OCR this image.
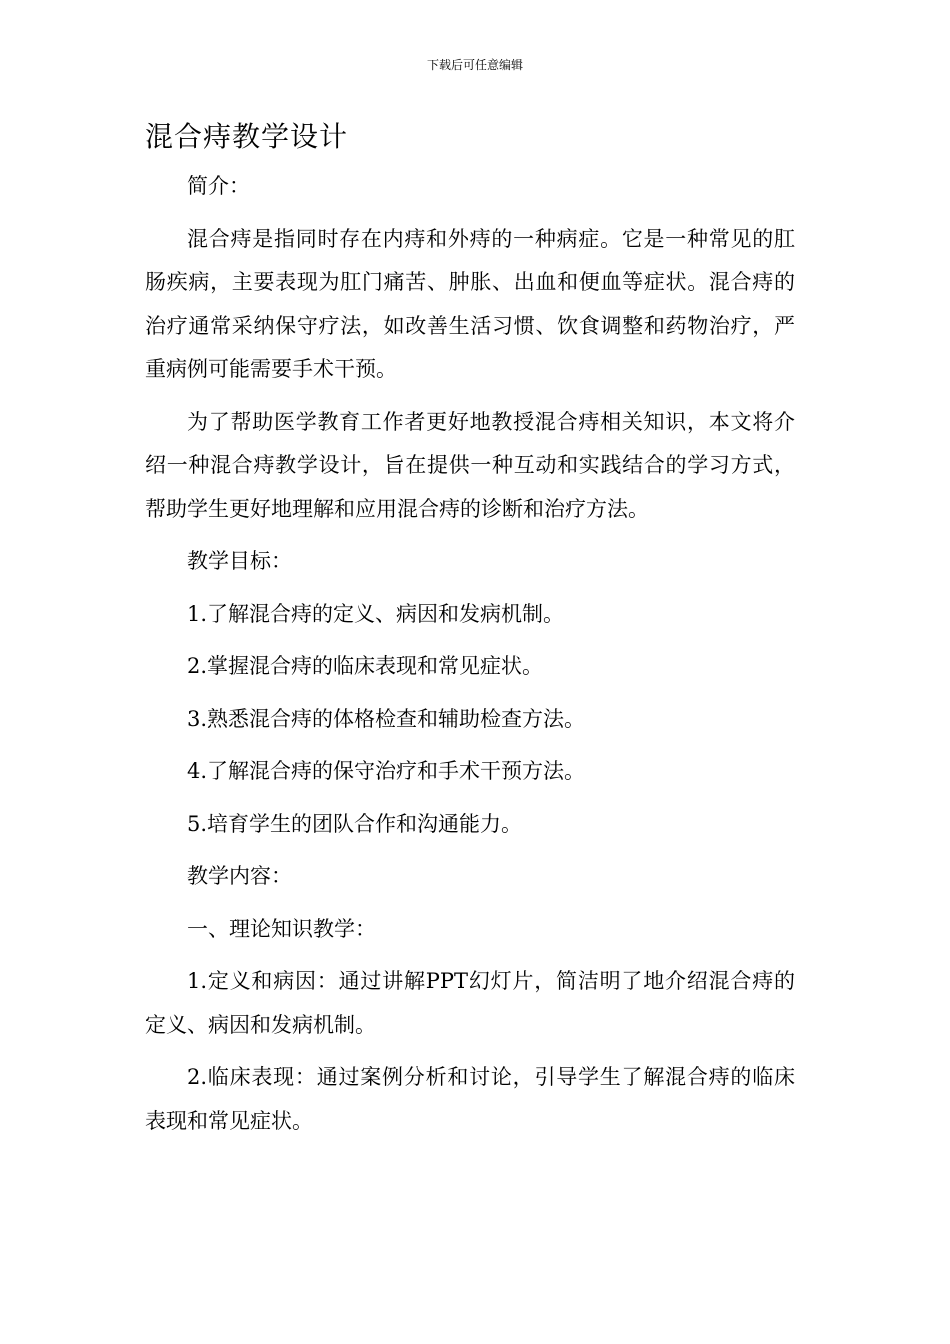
下载后可任意编辑
混合痔教学设计

简介：

混合痔是指同时存在内痔和外痔的一种病症。它是一种常见的肛肠疾病，主要表现为肛门痛苦、肿胀、出血和便血等症状。混合痔的治疗通常采纳保守疗法，如改善生活习惯、饮食调整和药物治疗，严重病例可能需要手术干预。

为了帮助医学教育工作者更好地教授混合痔相关知识，本文将介绍一种混合痔教学设计，旨在提供一种互动和实践结合的学习方式，帮助学生更好地理解和应用混合痔的诊断和治疗方法。

教学目标：

1.了解混合痔的定义、病因和发病机制。

2.掌握混合痔的临床表现和常见症状。

3.熟悉混合痔的体格检查和辅助检查方法。

4.了解混合痔的保守治疗和手术干预方法。

5.培育学生的团队合作和沟通能力。

教学内容：

一、理论知识教学：

1.定义和病因：通过讲解PPT幻灯片，简洁明了地介绍混合痔的定义、病因和发病机制。

2.临床表现：通过案例分析和讨论，引导学生了解混合痔的临床表现和常见症状。
